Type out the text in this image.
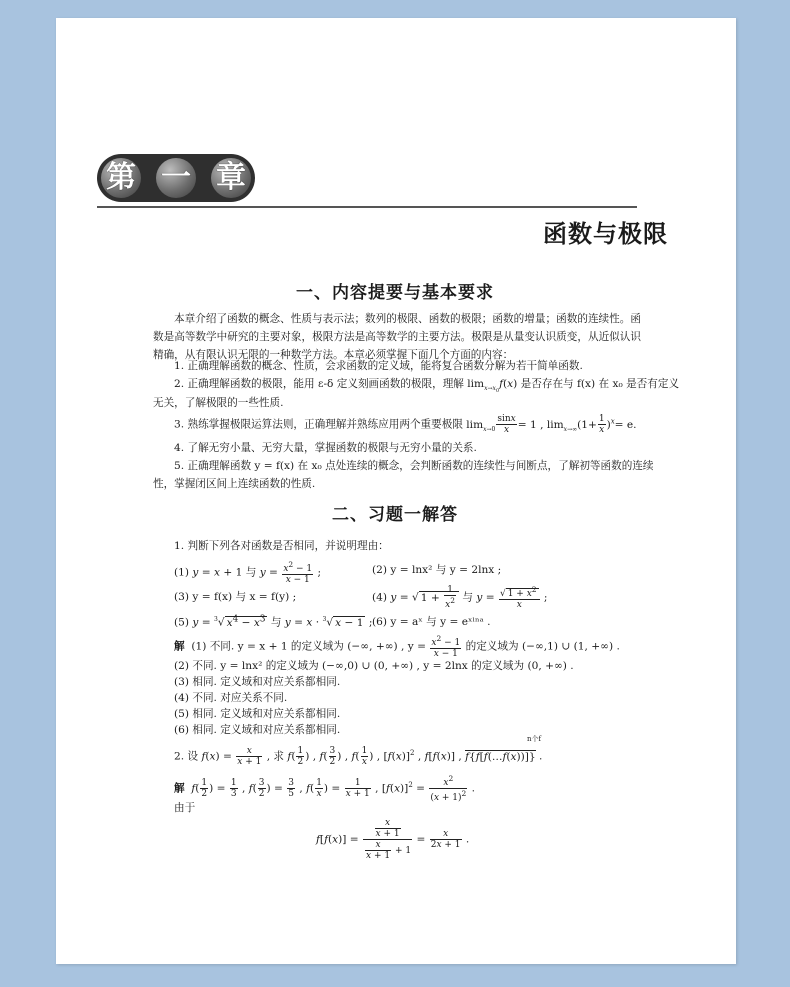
第 一 章
函数与极限
一、内容提要与基本要求
本章介绍了函数的概念、性质与表示法；数列的极限、函数的极限；函数的增量；函数的连续性。函数是高等数学中研究的主要对象，极限方法是高等数学的主要方法。极限是从量变认识质变，从近似认识精确，从有限认识无限的一种数学方法。本章必须掌握下面几个方面的内容：
1. 正确理解函数的概念、性质，会求函数的定义域，能将复合函数分解为若干简单函数.
2. 正确理解函数的极限，能用 ε-δ 定义刻画函数的极限，理解 $\lim_{x\to x_0}f(x)$ 是否存在与 f(x) 在 x₀ 是否有定义
无关，了解极限的一些性质.
3. 熟练掌握极限运算法则，正确理解并熟练应用两个重要极限 $\lim_{x\to 0} \frac{\sin x}{x} = 1$ , $\lim_{x\to\infty}(1+ \frac{1}{x} )^x= e$.
4. 了解无穷小量、无穷大量，掌握函数的极限与无穷小量的关系.
5. 正确理解函数 y = f(x) 在 x₀ 点处连续的概念，会判断函数的连续性与间断点，了解初等函数的连续
性，掌握闭区间上连续函数的性质.
二、习题一解答
1. 判断下列各对函数是否相同，并说明理由：
(1) y = x + 1 与 $y = \frac{x^2 - 1}{x - 1}$ ;	(2) y = lnx² 与 y = 2lnx ;
(3) y = f(x) 与 x = f(y) ;	(4) y = √ $1 + \frac{1}{x^2}$ 与 $y = \frac{√ 1 + x^2}{x}$ ;
(5) y = $^3$√ $x^4 - x^3$ 与 y = x · $^3$√ x − 1 ; (6) y = aˣ 与 y = eˣˡⁿᵃ .
解 (1) 不同. y = x + 1 的定义域为 (−∞, +∞) , $y = \frac{x^2 - 1}{x - 1}$ 的定义域为 (−∞,1) ∪ (1, +∞) .
(2) 不同. y = lnx² 的定义域为 (−∞,0) ∪ (0, +∞) , y = 2lnx 的定义域为 (0, +∞) .
(3) 相同. 定义域和对应关系都相同.
(4) 不同. 对应关系不同.
(5) 相同. 定义域和对应关系都相同.
(6) 相同. 定义域和对应关系都相同.
2. 设 $f(x) = \frac{x}{x + 1}$ , 求 $f( \frac{1}{2}$ ) , $f( \frac{3}{2}$ ) , $f( \frac{1}{x}$ ) , $[f(x)]^2$ , f[f(x)] , f{f[f(…f(x))]} .
n个f
解 $f( \frac{1}{2}$ ) = $\frac{1}{3}$ , $f( \frac{3}{2}$ ) = $\frac{3}{5}$ , $f( \frac{1}{x}$ ) = $\frac{1}{x + 1}$ , $[f(x)]^2 = \frac{x^2}{(x + 1)^2}$ .
由于
$f[f(x)] = \frac{\frac{x}{x + 1}}{\frac{x}{x + 1} + 1} = \frac{x}{2x + 1}$ .
